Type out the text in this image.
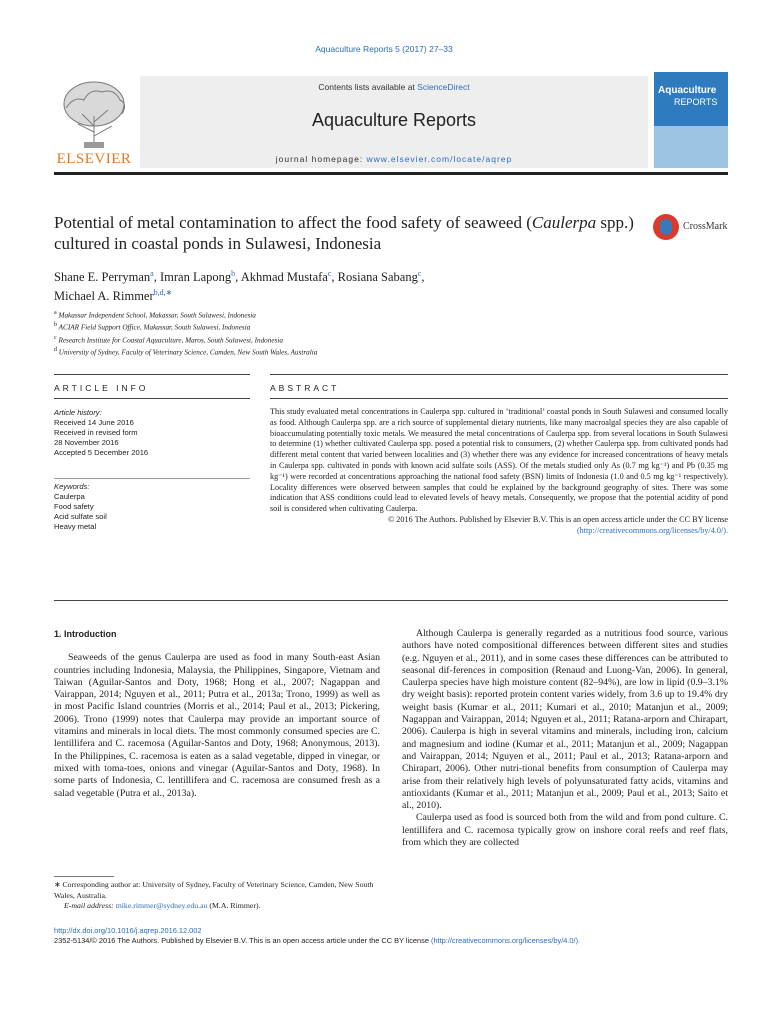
Aquaculture Reports 5 (2017) 27–33
ELSEVIER
Contents lists available at ScienceDirect
Aquaculture Reports
journal homepage: www.elsevier.com/locate/aqrep
Aquaculture
REPORTS
Potential of metal contamination to affect the food safety of seaweed (Caulerpa spp.) cultured in coastal ponds in Sulawesi, Indonesia
CrossMark
Shane E. Perryman$^a$, Imran Lapong$^b$, Akhmad Mustafa$^c$, Rosiana Sabang$^c$,
Michael A. Rimmer$^{b,d,∗}$
$^a$ Makassar Independent School, Makassar, South Sulawesi, Indonesia
$^b$ ACIAR Field Support Office, Makassar, South Sulawesi, Indonesia
$^c$ Research Institute for Coastal Aquaculture, Maros, South Sulawesi, Indonesia
$^d$ University of Sydney, Faculty of Veterinary Science, Camden, New South Wales, Australia
ARTICLE INFO	ABSTRACT
Article history:
Received 14 June 2016
Received in revised form
28 November 2016
Accepted 5 December 2016
Keywords:
Caulerpa
Food safety
Acid sulfate soil
Heavy metal

This study evaluated metal concentrations in Caulerpa spp. cultured in ‘traditional’ coastal ponds in South Sulawesi and consumed locally as food. Although Caulerpa spp. are a rich source of supplemental dietary nutrients, like many macroalgal species they are also capable of bioaccumulating potentially toxic metals. We measured the metal concentrations of Caulerpa spp. from several locations in South Sulawesi to determine (1) whether cultivated Caulerpa spp. posed a potential risk to consumers, (2) whether Caulerpa spp. from cultivated ponds had different metal content that varied between localities and (3) whether there was any evidence for increased concentrations of heavy metals in Caulerpa spp. cultivated in ponds with known acid sulfate soils (ASS). Of the metals studied only As (0.7 mg kg⁻¹) and Pb (0.35 mg kg⁻¹) were recorded at concentrations approaching the national food safety (BSN) limits of Indonesia (1.0 and 0.5 mg kg⁻¹ respectively). Locality differences were observed between samples that could be explained by the background geography of sites. There was some indication that ASS conditions could lead to elevated levels of heavy metals. Consequently, we propose that the potential acidity of pond soil is considered when cultivating Caulerpa.

© 2016 The Authors. Published by Elsevier B.V. This is an open access article under the CC BY license
(http://creativecommons.org/licenses/by/4.0/).

1. Introduction

Seaweeds of the genus Caulerpa are used as food in many South-east Asian countries including Indonesia, Malaysia, the Philippines, Singapore, Vietnam and Taiwan (Aguilar-Santos and Doty, 1968; Hong et al., 2007; Nagappan and Vairappan, 2014; Nguyen et al., 2011; Putra et al., 2013a; Trono, 1999) as well as in most Pacific Island countries (Morris et al., 2014; Paul et al., 2013; Pickering, 2006). Trono (1999) notes that Caulerpa may provide an important source of vitamins and minerals in local diets. The most commonly consumed species are C. lentillifera and C. racemosa (Aguilar-Santos and Doty, 1968; Anonymous, 2013). In the Philippines, C. racemosa is eaten as a salad vegetable, dipped in vinegar, or mixed with toma-toes, onions and vinegar (Aguilar-Santos and Doty, 1968). In some parts of Indonesia, C. lentillifera and C. racemosa are consumed fresh as a salad vegetable (Putra et al., 2013a).

Although Caulerpa is generally regarded as a nutritious food source, various authors have noted compositional differences between different sites and studies (e.g. Nguyen et al., 2011), and in some cases these differences can be attributed to seasonal dif-ferences in composition (Renaud and Luong-Van, 2006). In general, Caulerpa species have high moisture content (82–94%), are low in lipid (0.9–3.1% dry weight basis): reported protein content varies widely, from 3.6 up to 19.4% dry weight basis (Kumar et al., 2011; Kumari et al., 2010; Matanjun et al., 2009; Nagappan and Vairappan, 2014; Nguyen et al., 2011; Ratana-arporn and Chirapart, 2006). Caulerpa is high in several vitamins and minerals, including iron, calcium and magnesium and iodine (Kumar et al., 2011; Matanjun et al., 2009; Nagappan and Vairappan, 2014; Nguyen et al., 2011; Paul et al., 2013; Ratana-arporn and Chirapart, 2006). Other nutri-tional benefits from consumption of Caulerpa may arise from their relatively high levels of polyunsaturated fatty acids, vitamins and antioxidants (Kumar et al., 2011; Matanjun et al., 2009; Paul et al., 2013; Saito et al., 2010).

Caulerpa used as food is sourced both from the wild and from pond culture. C. lentillifera and C. racemosa typically grow on inshore coral reefs and reef flats, from which they are collected

∗ Corresponding author at: University of Sydney, Faculty of Veterinary Science, Camden, New South Wales, Australia.
E-mail address: mike.rimmer@sydney.edu.au (M.A. Rimmer).
http://dx.doi.org/10.1016/j.aqrep.2016.12.002
2352-5134/© 2016 The Authors. Published by Elsevier B.V. This is an open access article under the CC BY license (http://creativecommons.org/licenses/by/4.0/).
